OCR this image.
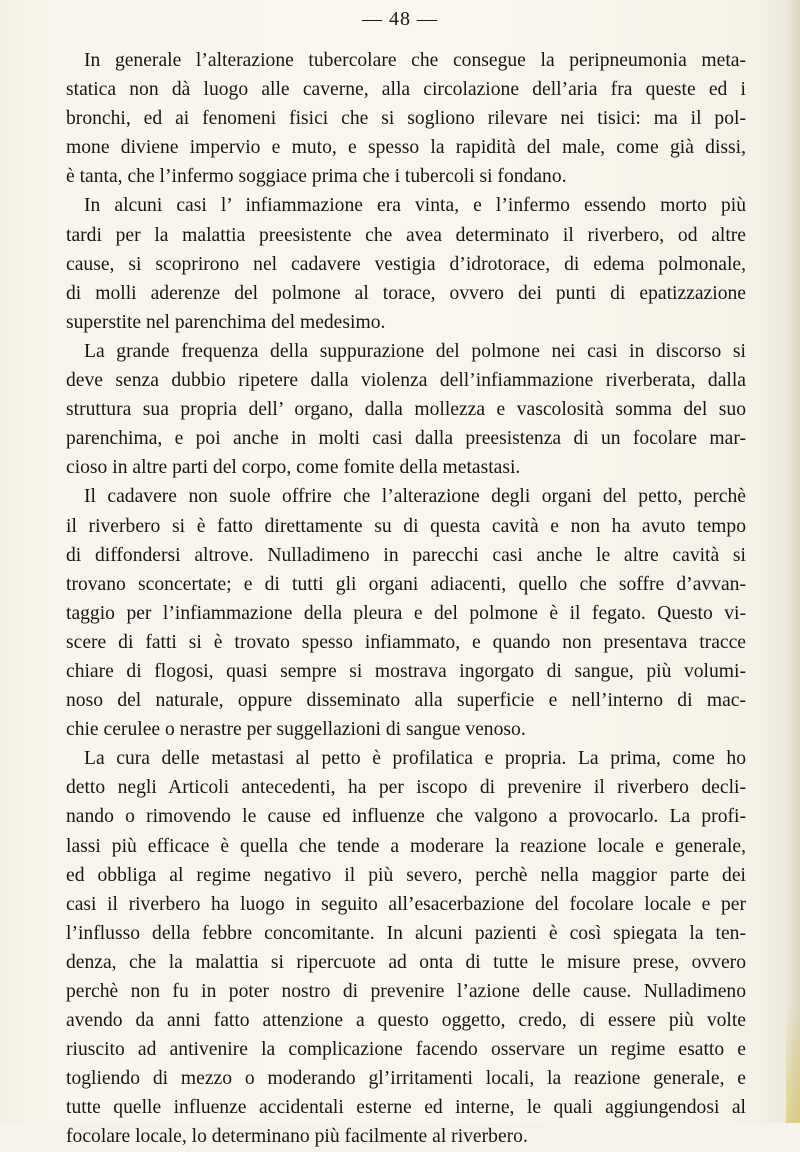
— 48 —
In generale l’alterazione tubercolare che consegue la peripneumonia meta-
statica non dà luogo alle caverne, alla circolazione dell’aria fra queste ed i
bronchi, ed ai fenomeni fisici che si sogliono rilevare nei tisici: ma il pol-
mone diviene impervio e muto, e spesso la rapidità del male, come già dissi,
è tanta, che l’infermo soggiace prima che i tubercoli si fondano.
In alcuni casi l’ infiammazione era vinta, e l’infermo essendo morto più
tardi per la malattia preesistente che avea determinato il riverbero, od altre
cause, si scoprirono nel cadavere vestigia d’idrotorace, di edema polmonale,
di molli aderenze del polmone al torace, ovvero dei punti di epatizzazione
superstite nel parenchima del medesimo.
La grande frequenza della suppurazione del polmone nei casi in discorso si
deve senza dubbio ripetere dalla violenza dell’infiammazione riverberata, dalla
struttura sua propria dell’ organo, dalla mollezza e vascolosità somma del suo
parenchima, e poi anche in molti casi dalla preesistenza di un focolare mar-
cioso in altre parti del corpo, come fomite della metastasi.
Il cadavere non suole offrire che l’alterazione degli organi del petto, perchè
il riverbero si è fatto direttamente su di questa cavità e non ha avuto tempo
di diffondersi altrove. Nulladimeno in parecchi casi anche le altre cavità si
trovano sconcertate; e di tutti gli organi adiacenti, quello che soffre d’avvan-
taggio per l’infiammazione della pleura e del polmone è il fegato. Questo vi-
scere di fatti si è trovato spesso infiammato, e quando non presentava tracce
chiare di flogosi, quasi sempre si mostrava ingorgato di sangue, più volumi-
noso del naturale, oppure disseminato alla superficie e nell’interno di mac-
chie cerulee o nerastre per suggellazioni di sangue venoso.
La cura delle metastasi al petto è profilatica e propria. La prima, come ho
detto negli Articoli antecedenti, ha per iscopo di prevenire il riverbero decli-
nando o rimovendo le cause ed influenze che valgono a provocarlo. La profi-
lassi più efficace è quella che tende a moderare la reazione locale e generale,
ed obbliga al regime negativo il più severo, perchè nella maggior parte dei
casi il riverbero ha luogo in seguito all’esacerbazione del focolare locale e per
l’influsso della febbre concomitante. In alcuni pazienti è così spiegata la ten-
denza, che la malattia si ripercuote ad onta di tutte le misure prese, ovvero
perchè non fu in poter nostro di prevenire l’azione delle cause. Nulladimeno
avendo da anni fatto attenzione a questo oggetto, credo, di essere più volte
riuscito ad antivenire la complicazione facendo osservare un regime esatto e
togliendo di mezzo o moderando gl’irritamenti locali, la reazione generale, e
tutte quelle influenze accidentali esterne ed interne, le quali aggiungendosi al
focolare locale, lo determinano più facilmente al riverbero.
